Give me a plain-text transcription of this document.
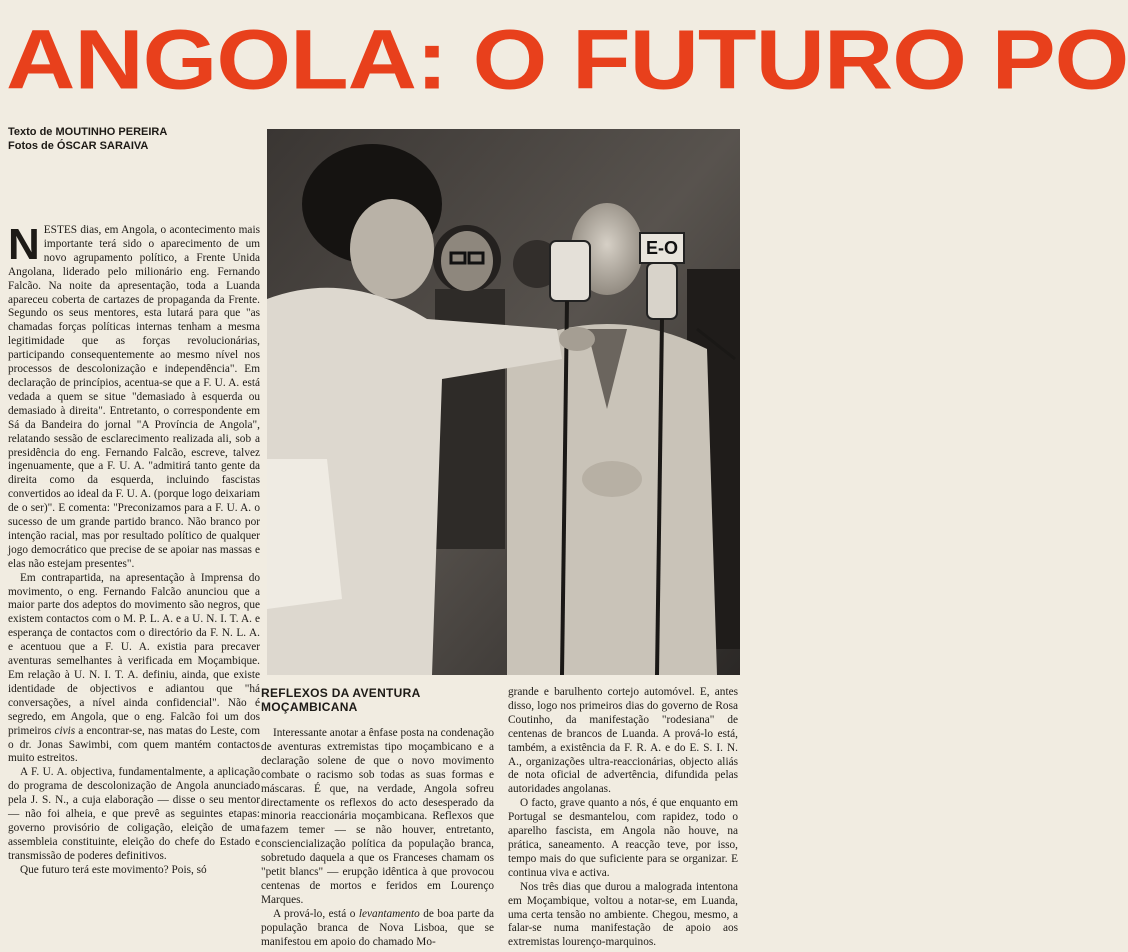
ANGOLA: O FUTURO PO
Texto de MOUTINHO PEREIRA
Fotos de ÓSCAR SARAIVA
E-O

NESTES dias, em Angola, o acontecimento mais importante terá sido o aparecimento de um novo agrupamento político, a Frente Unida Angolana, liderado pelo milionário eng. Fernando Falcão. Na noite da apresentação, toda a Luanda apareceu coberta de cartazes de propaganda da Frente. Segundo os seus mentores, esta lutará para que "as chamadas forças políticas internas tenham a mesma legitimidade que as forças revolucionárias, participando consequentemente ao mesmo nível nos processos de descolonização e independência". Em declaração de princípios, acentua-se que a F. U. A. está vedada a quem se situe "demasiado à esquerda ou demasiado à direita". Entretanto, o correspondente em Sá da Bandeira do jornal "A Província de Angola", relatando sessão de esclarecimento realizada ali, sob a presidência do eng. Fernando Falcão, escreve, talvez ingenuamente, que a F. U. A. "admitirá tanto gente da direita como da esquerda, incluindo fascistas convertidos ao ideal da F. U. A. (porque logo deixariam de o ser)". E comenta: "Preconizamos para a F. U. A. o sucesso de um grande partido branco. Não branco por intenção racial, mas por resultado político de qualquer jogo democrático que precise de se apoiar nas massas e elas não estejam presentes".

Em contrapartida, na apresentação à Imprensa do movimento, o eng. Fernando Falcão anunciou que a maior parte dos adeptos do movimento são negros, que existem contactos com o M. P. L. A. e a U. N. I. T. A. e esperança de contactos com o directório da F. N. L. A. e acentuou que a F. U. A. existia para precaver aventuras semelhantes à verificada em Moçambique. Em relação à U. N. I. T. A. definiu, ainda, que existe identidade de objectivos e adiantou que "há conversações, a nível ainda confidencial". Não é segredo, em Angola, que o eng. Falcão foi um dos primeiros civis a encontrar-se, nas matas do Leste, com o dr. Jonas Sawimbi, com quem mantém contactos muito estreitos.

A F. U. A. objectiva, fundamentalmente, a aplicação do programa de descolonização de Angola anunciado pela J. S. N., a cuja elaboração — disse o seu mentor — não foi alheia, e que prevê as seguintes etapas: governo provisório de coligação, eleição de uma assembleia constituinte, eleição do chefe do Estado e transmissão de poderes definitivos.

Que futuro terá este movimento? Pois, só

REFLEXOS DA AVENTURA MOÇAMBICANA

Interessante anotar a ênfase posta na condenação de aventuras extremistas tipo moçambicano e a declaração solene de que o novo movimento combate o racismo sob todas as suas formas e máscaras. É que, na verdade, Angola sofreu directamente os reflexos do acto desesperado da minoria reaccionária moçambicana. Reflexos que fazem temer — se não houver, entretanto, consciencialização política da população branca, sobretudo daquela a que os Franceses chamam os "petit blancs" — erupção idêntica à que provocou centenas de mortos e feridos em Lourenço Marques.

A prová-lo, está o levantamento de boa parte da população branca de Nova Lisboa, que se manifestou em apoio do chamado Mo-

grande e barulhento cortejo automóvel. E, antes disso, logo nos primeiros dias do governo de Rosa Coutinho, da manifestação "rodesiana" de centenas de brancos de Luanda. A prová-lo está, também, a existência da F. R. A. e do E. S. I. N. A., organizações ultra-reaccionárias, objecto aliás de nota oficial de advertência, difundida pelas autoridades angolanas.

O facto, grave quanto a nós, é que enquanto em Portugal se desmantelou, com rapidez, todo o aparelho fascista, em Angola não houve, na prática, saneamento. A reacção teve, por isso, tempo mais do que suficiente para se organizar. E continua viva e activa.

Nos três dias que durou a malograda intentona em Moçambique, voltou a notar-se, em Luanda, uma certa tensão no ambiente. Chegou, mesmo, a falar-se numa manifestação de apoio aos extremistas lourenço-marquinos.
